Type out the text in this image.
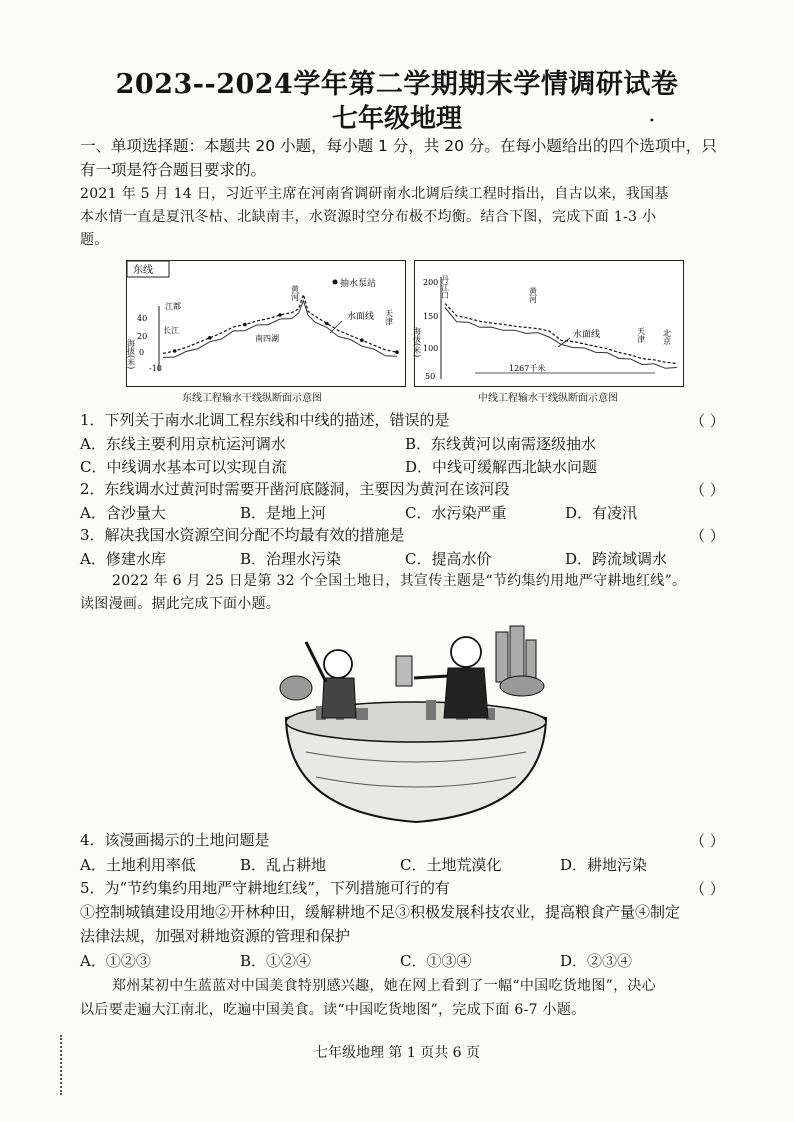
2023--2024学年第二学期期末学情调研试卷
七年级地理	•
一、单项选择题：本题共 20 小题，每小题 1 分，共 20 分。在每小题给出的四个选项中，只
有一项是符合题目要求的。
2021 年 5 月 14 日，习近平主席在河南省调研南水北调后续工程时指出，自古以来，我国基
本水情一直是夏汛冬枯、北缺南丰，水资源时空分布极不均衡。结合下图，完成下面 1-3 小
题。
东线
抽水泵站
40
20
0
-10
海拔(米)
江都
长江
南四湖
黄河
天津
水面线
东线工程输水干线纵断面示意图
200
150
100
50
海拔(米)
丹江口	黄河
天津 北京
水面线
1267千米
中线工程输水干线纵断面示意图
1．下列关于南水北调工程东线和中线的描述，错误的是	（ ）
A．东线主要利用京杭运河调水	B．东线黄河以南需逐级抽水
C．中线调水基本可以实现自流	D．中线可缓解西北缺水问题
2．东线调水过黄河时需要开凿河底隧洞，主要因为黄河在该河段	（ ）
A．含沙量大	B．是地上河	C．水污染严重	D．有凌汛
3．解决我国水资源空间分配不均最有效的措施是	（ ）
A．修建水库	B．治理水污染	C．提高水价	D．跨流域调水
2022 年 6 月 25 日是第 32 个全国土地日，其宣传主题是“节约集约用地严守耕地红线”。
读图漫画。据此完成下面小题。
4．该漫画揭示的土地问题是	（ ）
A．土地利用率低	B．乱占耕地	C．土地荒漠化	D．耕地污染
5．为“节约集约用地严守耕地红线”，下列措施可行的有	（ ）
①控制城镇建设用地②开林种田，缓解耕地不足③积极发展科技农业，提高粮食产量④制定
法律法规，加强对耕地资源的管理和保护
A．①②③	B．①②④	C．①③④	D．②③④
郑州某初中生蓝蓝对中国美食特别感兴趣，她在网上看到了一幅“中国吃货地图”，决心
以后要走遍大江南北，吃遍中国美食。读“中国吃货地图”，完成下面 6-7 小题。
七年级地理 第 1 页共 6 页
